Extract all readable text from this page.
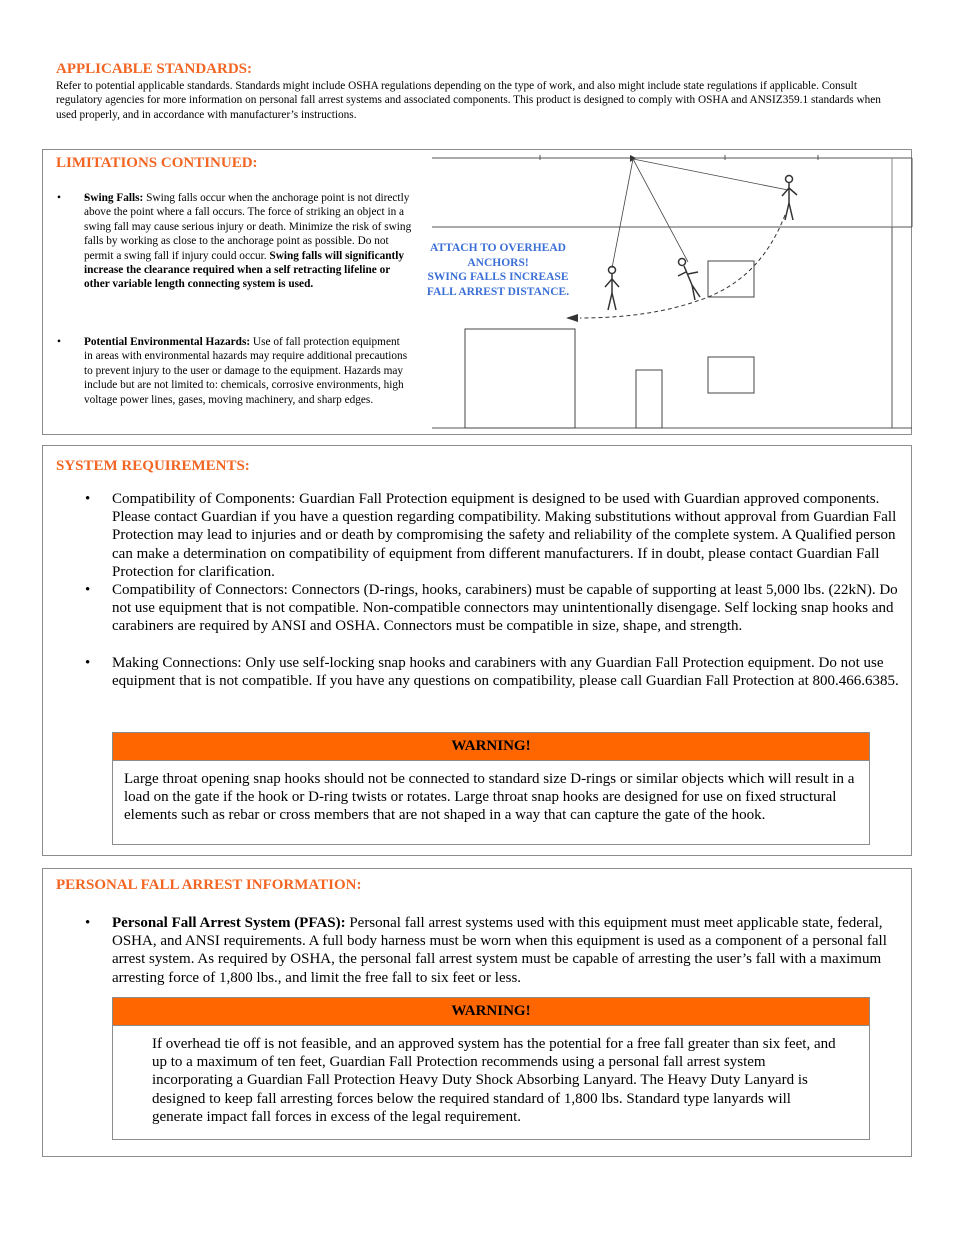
APPLICABLE STANDARDS:
Refer to potential applicable standards. Standards might include OSHA regulations depending on the type of work, and also might include state regulations if applicable. Consult regulatory agencies for more information on personal fall arrest systems and associated components. This product is designed to comply with OSHA and ANSIZ359.1 standards when used properly, and in accordance with manufacturer’s instructions.
LIMITATIONS CONTINUED:
• • Swing Falls: Swing falls occur when the anchorage point is not directly above the point where a fall occurs. The force of striking an object in a swing fall may cause serious injury or death. Minimize the risk of swing falls by working as close to the anchorage point as possible. Do not permit a swing fall if injury could occur. Swing falls will significantly increase the clearance required when a self retracting lifeline or other variable length connecting system is used.
• Potential Environmental Hazards: Use of fall protection equipment in areas with environmental hazards may require additional precautions to prevent injury to the user or damage to the equipment. Hazards may include but are not limited to: chemicals, corrosive environments, high voltage power lines, gases, moving machinery, and sharp edges.
ATTACH TO OVERHEAD
ANCHORS!
SWING FALLS INCREASE
FALL ARREST DISTANCE.
SYSTEM REQUIREMENTS:
• Compatibility of Components: Guardian Fall Protection equipment is designed to be used with Guardian approved components. Please contact Guardian if you have a question regarding compatibility. Making substitutions without approval from Guardian Fall Protection may lead to injuries and or death by compromising the safety and reliability of the complete system. A Qualified person can make a determination on compatibility of equipment from different manufacturers. If in doubt, please contact Guardian Fall Protection for clarification.
• Compatibility of Connectors: Connectors (D-rings, hooks, carabiners) must be capable of supporting at least 5,000 lbs. (22kN). Do not use equipment that is not compatible. Non-compatible connectors may unintentionally disengage. Self locking snap hooks and carabiners are required by ANSI and OSHA. Connectors must be compatible in size, shape, and strength.
• Making Connections: Only use self-locking snap hooks and carabiners with any Guardian Fall Protection equipment. Do not use equipment that is not compatible. If you have any questions on compatibility, please call Guardian Fall Protection at 800.466.6385.
WARNING!
Large throat opening snap hooks should not be connected to standard size D-rings or similar objects which will result in a load on the gate if the hook or D-ring twists or rotates. Large throat snap hooks are designed for use on fixed structural elements such as rebar or cross members that are not shaped in a way that can capture the gate of the hook.
PERSONAL FALL ARREST INFORMATION:
• Personal Fall Arrest System (PFAS): Personal fall arrest systems used with this equipment must meet applicable state, federal, OSHA, and ANSI requirements. A full body harness must be worn when this equipment is used as a component of a personal fall arrest system. As required by OSHA, the personal fall arrest system must be capable of arresting the user’s fall with a maximum arresting force of 1,800 lbs., and limit the free fall to six feet or less.
WARNING!
If overhead tie off is not feasible, and an approved system has the potential for a free fall greater than six feet, and up to a maximum of ten feet, Guardian Fall Protection recommends using a personal fall arrest system incorporating a Guardian Fall Protection Heavy Duty Shock Absorbing Lanyard. The Heavy Duty Lanyard is designed to keep fall arresting forces below the required standard of 1,800 lbs. Standard type lanyards will generate impact fall forces in excess of the legal requirement.
